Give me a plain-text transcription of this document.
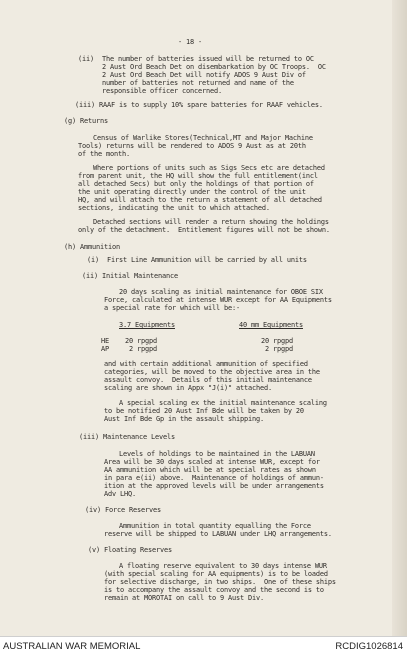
- 18 -
(ii)  The number of batteries issued will be returned to OC
2 Aust Ord Beach Det on disembarkation by OC Troops.  OC
2 Aust Ord Beach Det will notify ADOS 9 Aust Div of
number of batteries not returned and name of the
responsible officer concerned.
(iii) RAAF is to supply 10% spare batteries for RAAF vehicles.
(g) Returns
Census of Warlike Stores(Technical,MT and Major Machine
Tools) returns will be rendered to ADOS 9 Aust as at 20th
of the month.
Where portions of units such as Sigs Secs etc are detached
from parent unit, the HQ will show the full entitlement(incl
all detached Secs) but only the holdings of that portion of
the unit operating directly under the control of the unit
HQ, and will attach to the return a statement of all detached
sections, indicating the unit to which attached.
Detached sections will render a return showing the holdings
only of the detachment.  Entitlement figures will not be shown.
(h) Ammunition
(i)  First Line Ammunition will be carried by all units
(ii) Initial Maintenance
20 days scaling as initial maintenance for OBOE SIX
Force, calculated at intense WUR except for AA Equipments
a special rate for which will be:-
3.7 Equipments	40 mm Equipments
HE    20 rpgpd
AP     2 rpgpd
20 rpgpd
2 rpgpd
and with certain additional ammunition of specified
categories, will be moved to the objective area in the
assault convoy.  Details of this initial maintenance
scaling are shown in Appx "J(i)" attached.
A special scaling ex the initial maintenance scaling
to be notified 20 Aust Inf Bde will be taken by 20
Aust Inf Bde Gp in the assault shipping.
(iii) Maintenance Levels
Levels of holdings to be maintained in the LABUAN
Area will be 30 days scaled at intense WUR, except for
AA ammunition which will be at special rates as shown
in para e(ii) above.  Maintenance of holdings of ammun-
ition at the approved levels will be under arrangements
Adv LHQ.
(iv) Force Reserves
Ammunition in total quantity equalling the Force
reserve will be shipped to LABUAN under LHQ arrangements.
(v) Floating Reserves
A floating reserve equivalent to 30 days intense WUR
(with special scaling for AA equipments) is to be loaded
for selective discharge, in two ships.  One of these ships
is to accompany the assault convoy and the second is to
remain at MOROTAI on call to 9 Aust Div.
AUSTRALIAN WAR MEMORIAL	RCDIG1026814
